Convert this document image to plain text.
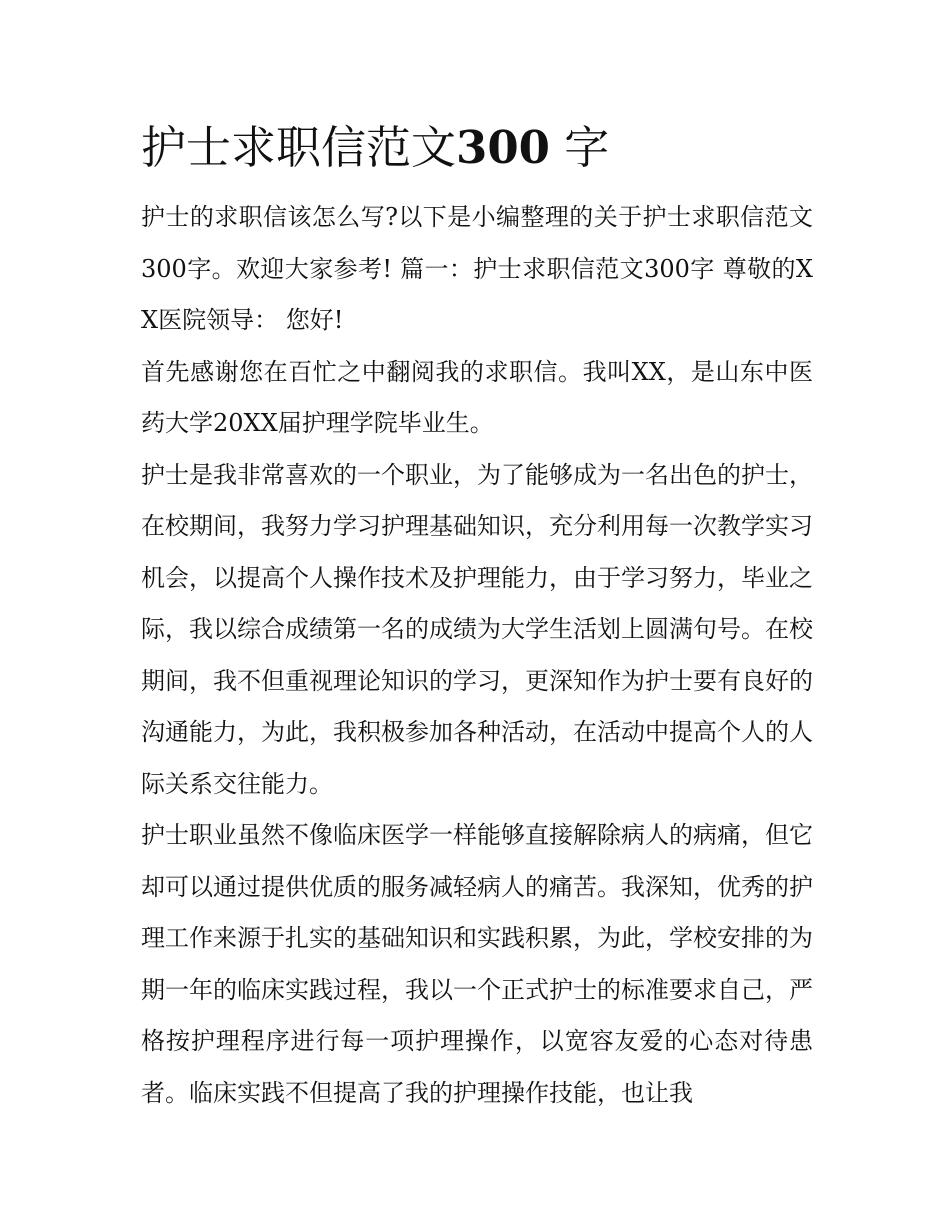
护士求职信范文300 字

护士的求职信该怎么写?以下是小编整理的关于护士求职信范文300字。欢迎大家参考! 篇一：护士求职信范文300字 尊敬的XX医院领导： 您好!

首先感谢您在百忙之中翻阅我的求职信。我叫XX，是山东中医药大学20XX届护理学院毕业生。

护士是我非常喜欢的一个职业，为了能够成为一名出色的护士，在校期间，我努力学习护理基础知识，充分利用每一次教学实习机会，以提高个人操作技术及护理能力，由于学习努力，毕业之际，我以综合成绩第一名的成绩为大学生活划上圆满句号。在校期间，我不但重视理论知识的学习，更深知作为护士要有良好的沟通能力，为此，我积极参加各种活动，在活动中提高个人的人际关系交往能力。

护士职业虽然不像临床医学一样能够直接解除病人的病痛，但它却可以通过提供优质的服务减轻病人的痛苦。我深知，优秀的护理工作来源于扎实的基础知识和实践积累，为此，学校安排的为期一年的临床实践过程，我以一个正式护士的标准要求自己，严格按护理程序进行每一项护理操作，以宽容友爱的心态对待患者。临床实践不但提高了我的护理操作技能，也让我
